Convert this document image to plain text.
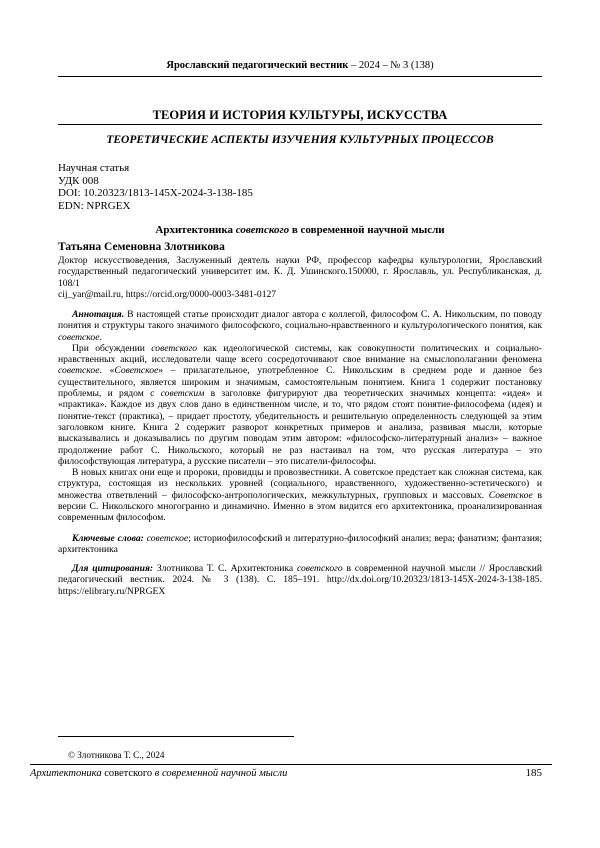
Ярославский педагогический вестник – 2024 – № 3 (138)
ТЕОРИЯ И ИСТОРИЯ КУЛЬТУРЫ, ИСКУССТВА
ТЕОРЕТИЧЕСКИЕ АСПЕКТЫ ИЗУЧЕНИЯ КУЛЬТУРНЫХ ПРОЦЕССОВ
Научная статья
УДК 008
DOI: 10.20323/1813-145X-2024-3-138-185
EDN: NPRGEX
Архитектоника советского в современной научной мысли
Татьяна Семеновна Злотникова
Доктор искусствоведения, Заслуженный деятель науки РФ, профессор кафедры культурологии, Ярославский государственный педагогический университет им. К. Д. Ушинского.150000, г. Ярославль, ул. Республиканская, д. 108/1
cij_yar@mail.ru, https://orcid.org/0000-0003-3481-0127

Аннотация. В настоящей статье происходит диалог автора с коллегой, философом С. А. Никольским, по поводу понятия и структуры такого значимого философского, социально-нравственного и культурологического понятия, как советское.

При обсуждении советского как идеологической системы, как совокупности политических и социально-нравственных акций, исследователи чаще всего сосредоточивают свое внимание на смыслополагании феномена советское. «Советское» – прилагательное, употребленное С. Никольским в среднем роде и данное без существительного, является широким и значимым, самостоятельным понятием. Книга 1 содержит постановку проблемы, и рядом с советским в заголовке фигурируют два теоретических значимых концепта: «идея» и «практика». Каждое из двух слов дано в единственном числе, и то, что рядом стоят понятие-философема (идея) и понятие-текст (практика), – придает простоту, убедительность и решительную определенность следующей за этим заголовком книге. Книга 2 содержит разворот конкретных примеров и анализа, развивая мысли, которые высказывались и доказывались по другим поводам этим автором: «философско-литературный анализ» – важное продолжение работ С. Никольского, который не раз настаивал на том, что русская литература – это философствующая литература, а русские писатели – это писатели-философы.

В новых книгах они еще и пророки, провидцы и провозвестники. А советское предстает как сложная система, как структура, состоящая из нескольких уровней (социального, нравственного, художественно-эстетического) и множества ответвлений – философско-антропологических, межкультурных, групповых и массовых. Советское в версии С. Никольского многогранно и динамично. Именно в этом видится его архитектоника, проанализированная современным философом.

Ключевые слова: советское; историофилософский и литературно-философкий анализ; вера; фанатизм; фантазия; архитектоника
Для цитирования: Злотникова Т. С. Архитектоника советского в современной научной мысли // Ярославский педагогический вестник. 2024. № 3 (138). С. 185–191. http://dx.doi.org/10.20323/1813-145X-2024-3-138-185. https://elibrary.ru/NPRGEX
© Злотникова Т. С., 2024
Архитектоника советского в современной научной мысли	185
